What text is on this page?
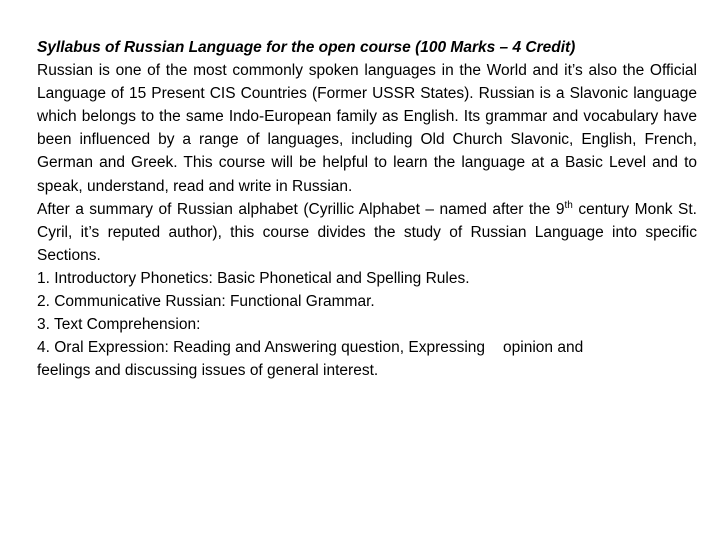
Syllabus of Russian Language for the open course (100 Marks – 4 Credit)
Russian is one of the most commonly spoken languages in the World and it’s also the Official Language of 15 Present CIS Countries (Former USSR States). Russian is a Slavonic language which belongs to the same Indo-European family as English. Its grammar and vocabulary have been influenced by a range of languages, including Old Church Slavonic, English, French, German and Greek. This course will be helpful to learn the language at a Basic Level and to speak, understand, read and write in Russian.
After a summary of Russian alphabet (Cyrillic Alphabet – named after the 9th century Monk St. Cyril, it’s reputed author), this course divides the study of Russian Language into specific Sections.
1. Introductory Phonetics: Basic Phonetical and Spelling Rules.
2. Communicative Russian: Functional Grammar.
3. Text Comprehension:
4. Oral Expression: Reading and Answering question, Expressing opinion and
feelings and discussing issues of general interest.
